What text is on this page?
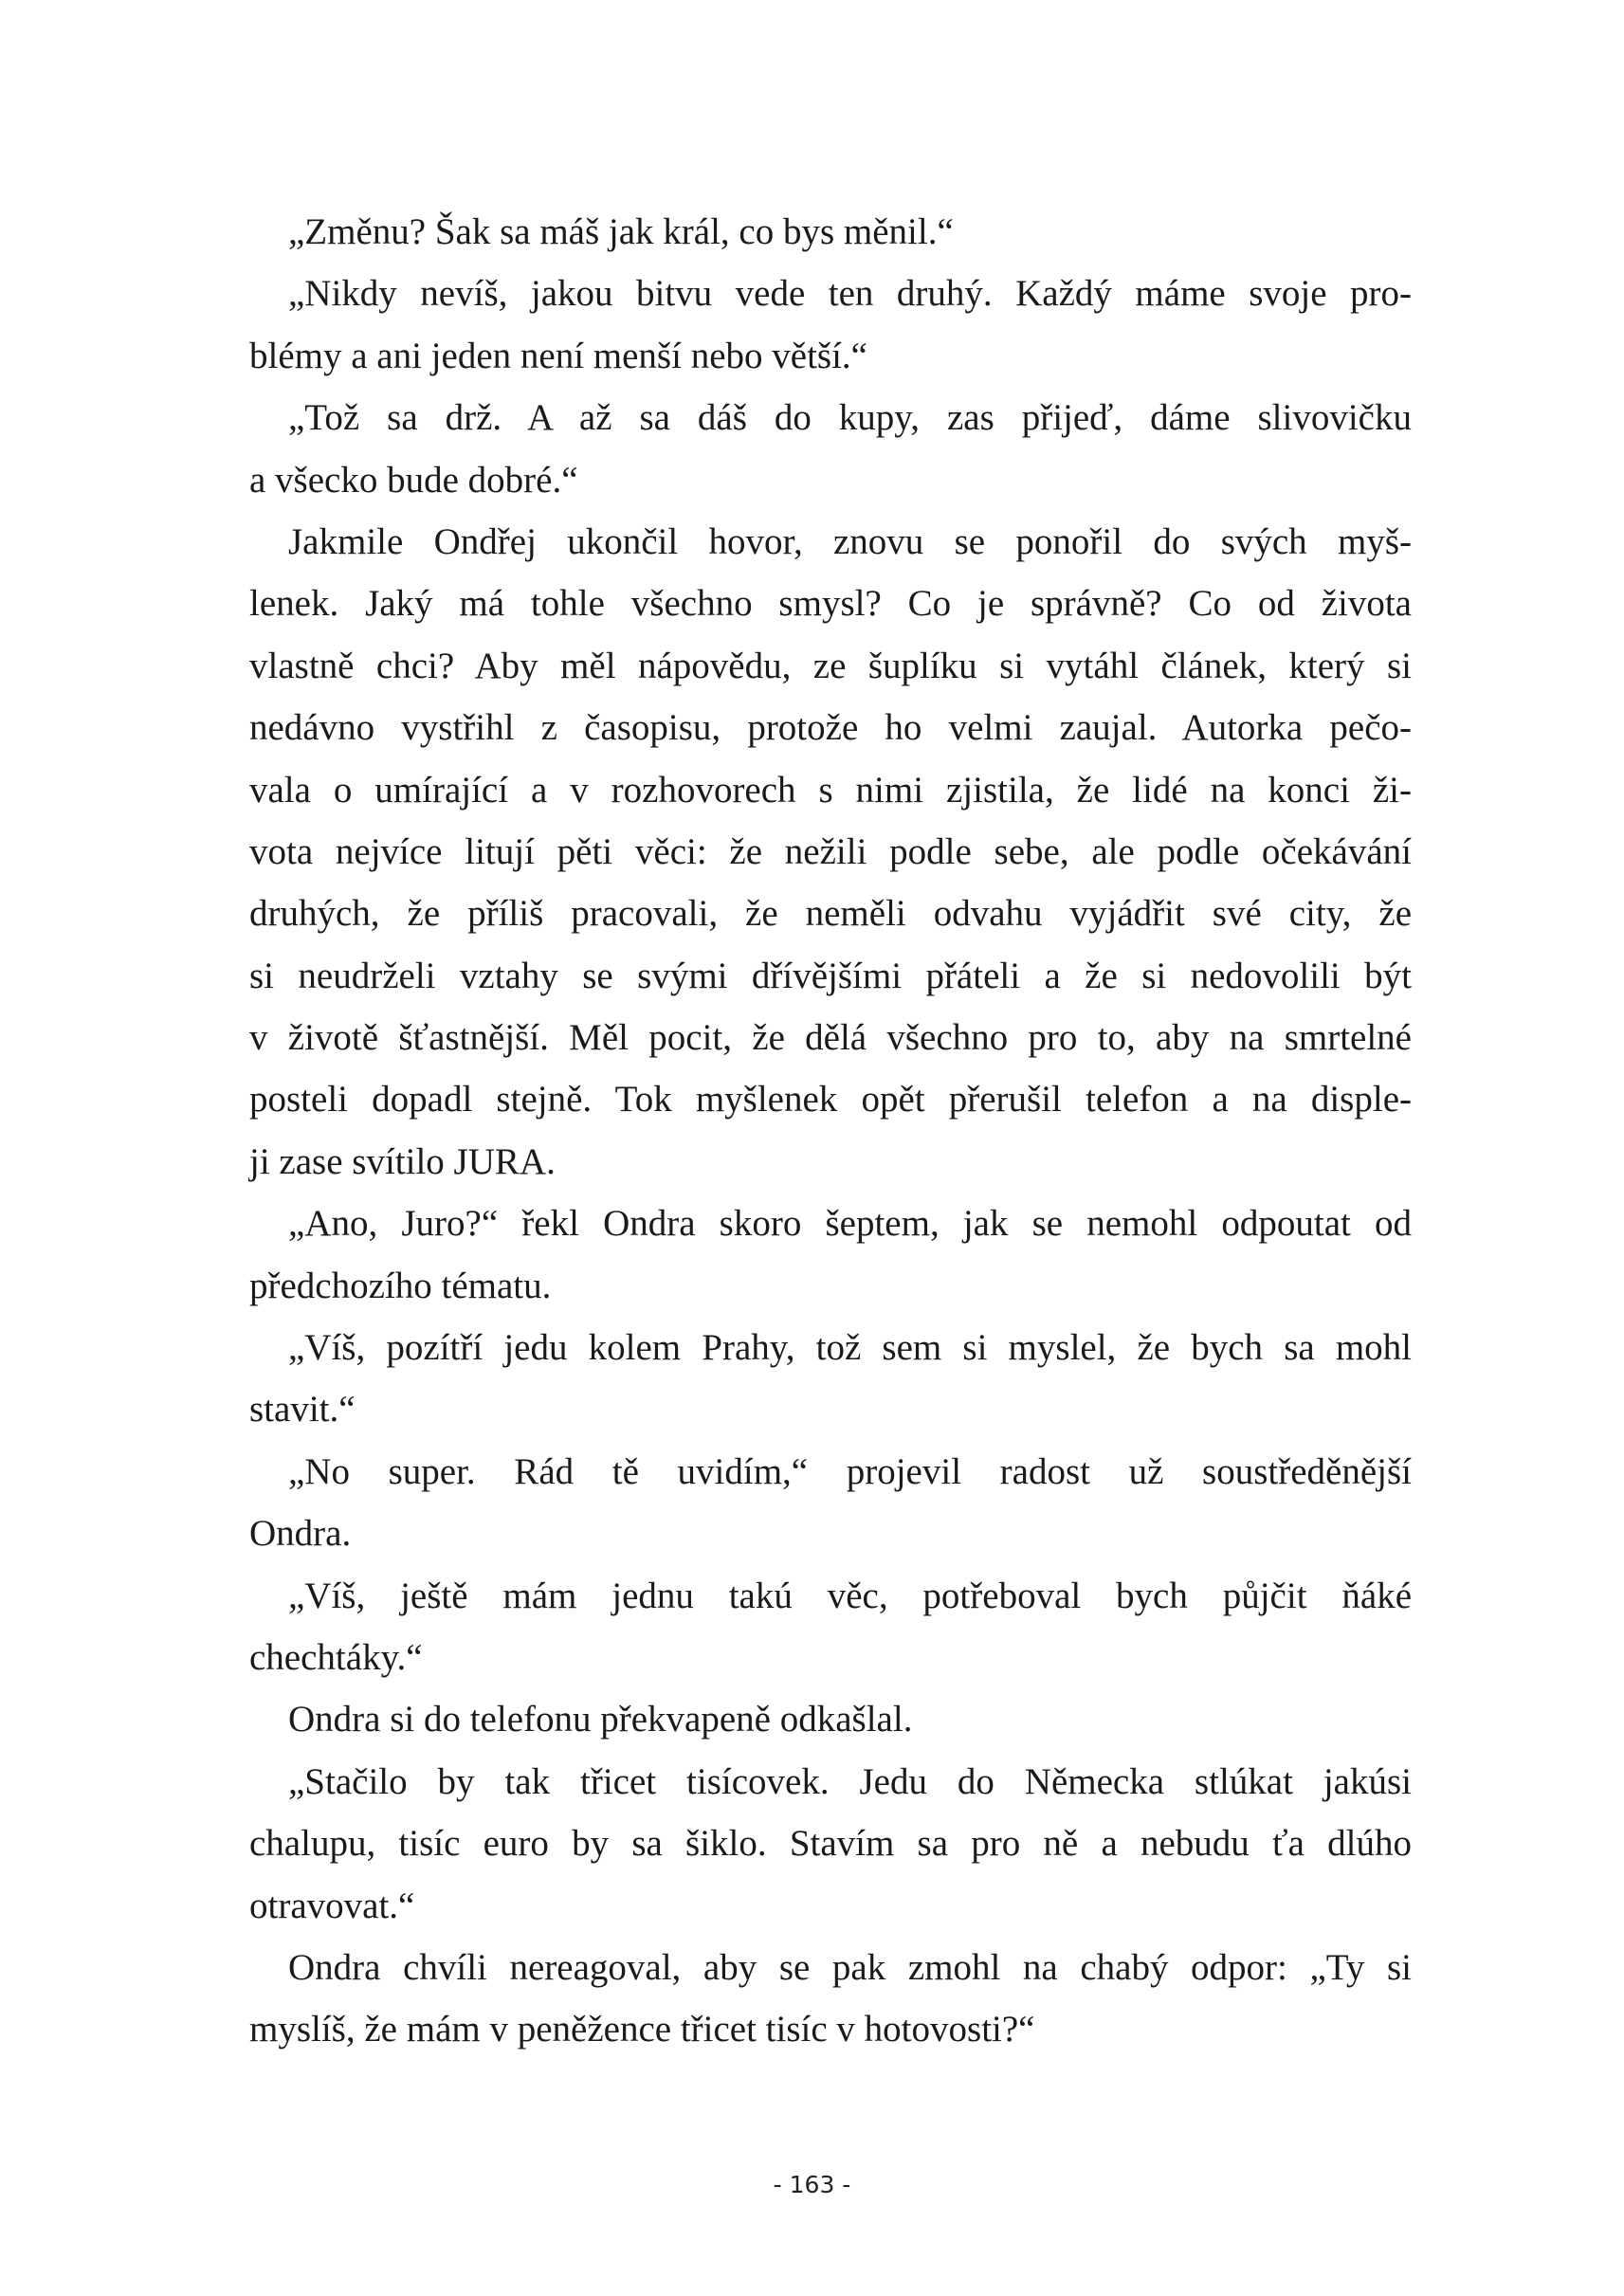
„Změnu? Šak sa máš jak král, co bys měnil.“
„Nikdy nevíš, jakou bitvu vede ten druhý. Každý máme svoje pro-
blémy a ani jeden není menší nebo větší.“
„Tož sa drž. A až sa dáš do kupy, zas přijeď, dáme slivovičku
a všecko bude dobré.“
Jakmile Ondřej ukončil hovor, znovu se ponořil do svých myš-
lenek. Jaký má tohle všechno smysl? Co je správně? Co od života
vlastně chci? Aby měl nápovědu, ze šuplíku si vytáhl článek, který si
nedávno vystřihl z časopisu, protože ho velmi zaujal. Autorka pečo-
vala o umírající a v rozhovorech s nimi zjistila, že lidé na konci ži-
vota nejvíce litují pěti věci: že nežili podle sebe, ale podle očekávání
druhých, že příliš pracovali, že neměli odvahu vyjádřit své city, že
si neudrželi vztahy se svými dřívějšími přáteli a že si nedovolili být
v životě šťastnější. Měl pocit, že dělá všechno pro to, aby na smrtelné
posteli dopadl stejně. Tok myšlenek opět přerušil telefon a na disple-
ji zase svítilo JURA.
„Ano, Juro?“ řekl Ondra skoro šeptem, jak se nemohl odpoutat od
předchozího tématu.
„Víš, pozítří jedu kolem Prahy, tož sem si myslel, že bych sa mohl
stavit.“
„No super. Rád tě uvidím,“ projevil radost už soustředěnější
Ondra.
„Víš, ještě mám jednu takú věc, potřeboval bych půjčit ňáké
chechtáky.“
Ondra si do telefonu překvapeně odkašlal.
„Stačilo by tak třicet tisícovek. Jedu do Německa stlúkat jakúsi
chalupu, tisíc euro by sa šiklo. Stavím sa pro ně a nebudu ťa dlúho
otravovat.“
Ondra chvíli nereagoval, aby se pak zmohl na chabý odpor: „Ty si
myslíš, že mám v peněžence třicet tisíc v hotovosti?“
- 163 -
